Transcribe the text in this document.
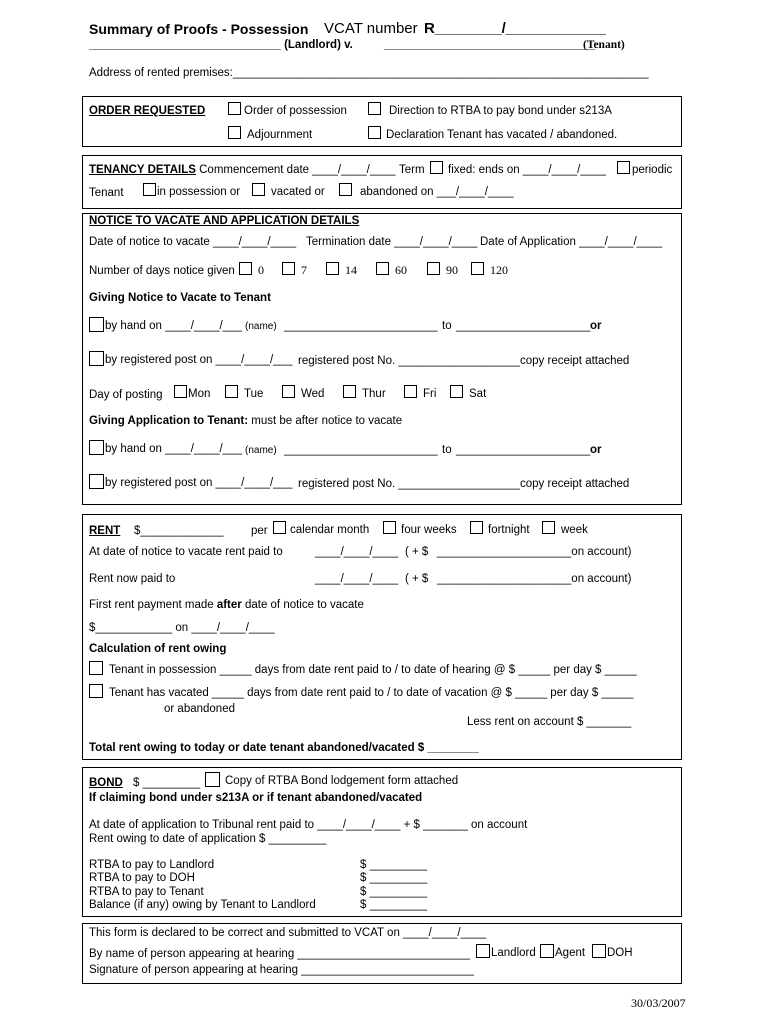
Summary of Proofs - Possession VCAT number R________/____________
______________________________ (Landlord) v.	_________________________________
(Tenant)
Address of rented premises:_________________________________________________________________
ORDER REQUESTED	Order of possession	Direction to RTBA to pay bond under s213A
Adjournment	Declaration Tenant has vacated / abandoned.
TENANCY DETAILS Commencement date ____/____/____ Term	fixed: ends on ____/____/____	periodic
Tenant	in possession or	vacated or	abandoned on ___/____/____
NOTICE TO VACATE AND APPLICATION DETAILS
Date of notice to vacate ____/____/____ Termination date ____/____/____ Date of Application ____/____/____
Number of days notice given	0	7	14	60	90	120
Giving Notice to Vacate to Tenant
by hand on ____/____/___ (name) ________________________ to _____________________ or
by registered post on ____/____/___ registered post No. ___________________ copy receipt attached
Day of posting	Mon	Tue	Wed	Thur	Fri	Sat
Giving Application to Tenant: must be after notice to vacate
by hand on ____/____/___ (name) ________________________ to _____________________ or
by registered post on ____/____/___ registered post No. ___________________ copy receipt attached
RENT $_____________ per	calendar month	four weeks	fortnight	week
At date of notice to vacate rent paid to	____/____/____ ( + $ _____________________on account)
Rent now paid to	____/____/____ ( + $ _____________________on account)
First rent payment made after date of notice to vacate
$____________ on ____/____/____
Calculation of rent owing
Tenant in possession _____ days from date rent paid to / to date of hearing @ $ _____ per day $ _____
Tenant has vacated _____ days from date rent paid to / to date of vacation @ $ _____ per day $ _____
or abandoned
Less rent on account $ _______
Total rent owing to today or date tenant abandoned/vacated $ ________
BOND $ _________	Copy of RTBA Bond lodgement form attached
If claiming bond under s213A or if tenant abandoned/vacated
At date of application to Tribunal rent paid to ____/____/____ + $ _______ on account
Rent owing to date of application $ _________
RTBA to pay to Landlord	$ _________
RTBA to pay to DOH	$ _________
RTBA to pay to Tenant	$ _________
Balance (if any) owing by Tenant to Landlord	$ _________
This form is declared to be correct and submitted to VCAT on ____/____/____
By name of person appearing at hearing ___________________________	Landlord	Agent	DOH
Signature of person appearing at hearing ___________________________
30/03/2007
